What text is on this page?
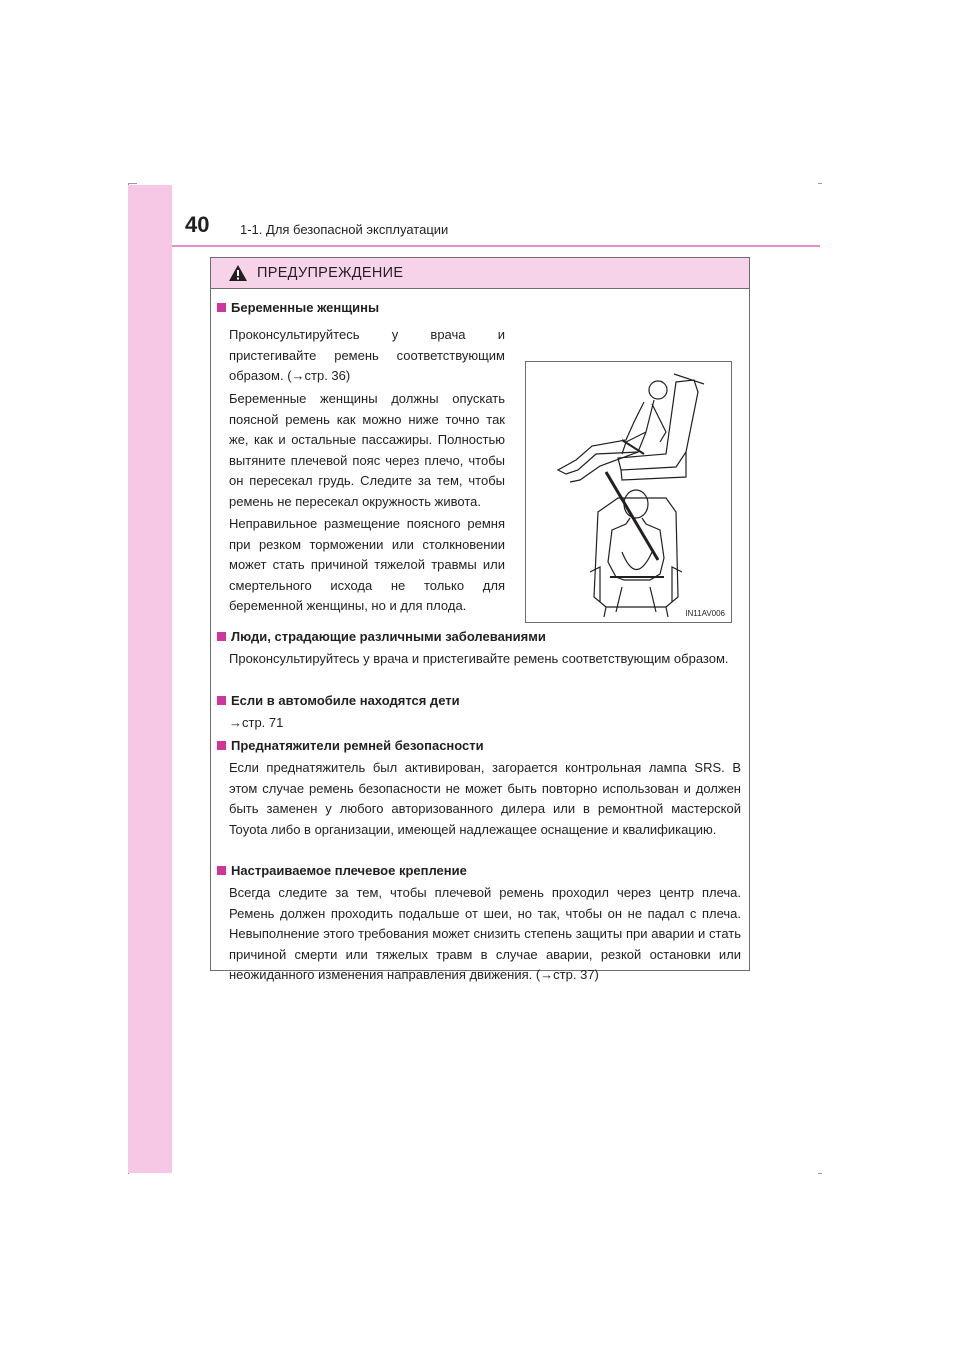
40 1-1. Для безопасной эксплуатации
ПРЕДУПРЕЖДЕНИЕ
Беременные женщины
Проконсультируйтесь у врача и пристегивайте ремень соответствующим образом. (→стр. 36)
Беременные женщины должны опускать поясной ремень как можно ниже точно так же, как и остальные пассажиры. Полностью вытяните плечевой пояс через плечо, чтобы он пересекал грудь. Следите за тем, чтобы ремень не пересекал окружность живота.
Неправильное размещение поясного ремня при резком торможении или столкновении может стать причиной тяжелой травмы или смертельного исхода не только для беременной женщины, но и для плода.
IN11AV006
Люди, страдающие различными заболеваниями
Проконсультируйтесь у врача и пристегивайте ремень соответствующим образом.
Если в автомобиле находятся дети
→стр. 71
Преднатяжители ремней безопасности
Если преднатяжитель был активирован, загорается контрольная лампа SRS. В этом случае ремень безопасности не может быть повторно использован и должен быть заменен у любого авторизованного дилера или в ремонтной мастерской Toyota либо в организации, имеющей надлежащее оснащение и квалификацию.
Настраиваемое плечевое крепление
Всегда следите за тем, чтобы плечевой ремень проходил через центр плеча. Ремень должен проходить подальше от шеи, но так, чтобы он не падал с плеча. Невыполнение этого требования может снизить степень защиты при аварии и стать причиной смерти или тяжелых травм в случае аварии, резкой остановки или неожиданного изменения направления движения. (→стр. 37)
